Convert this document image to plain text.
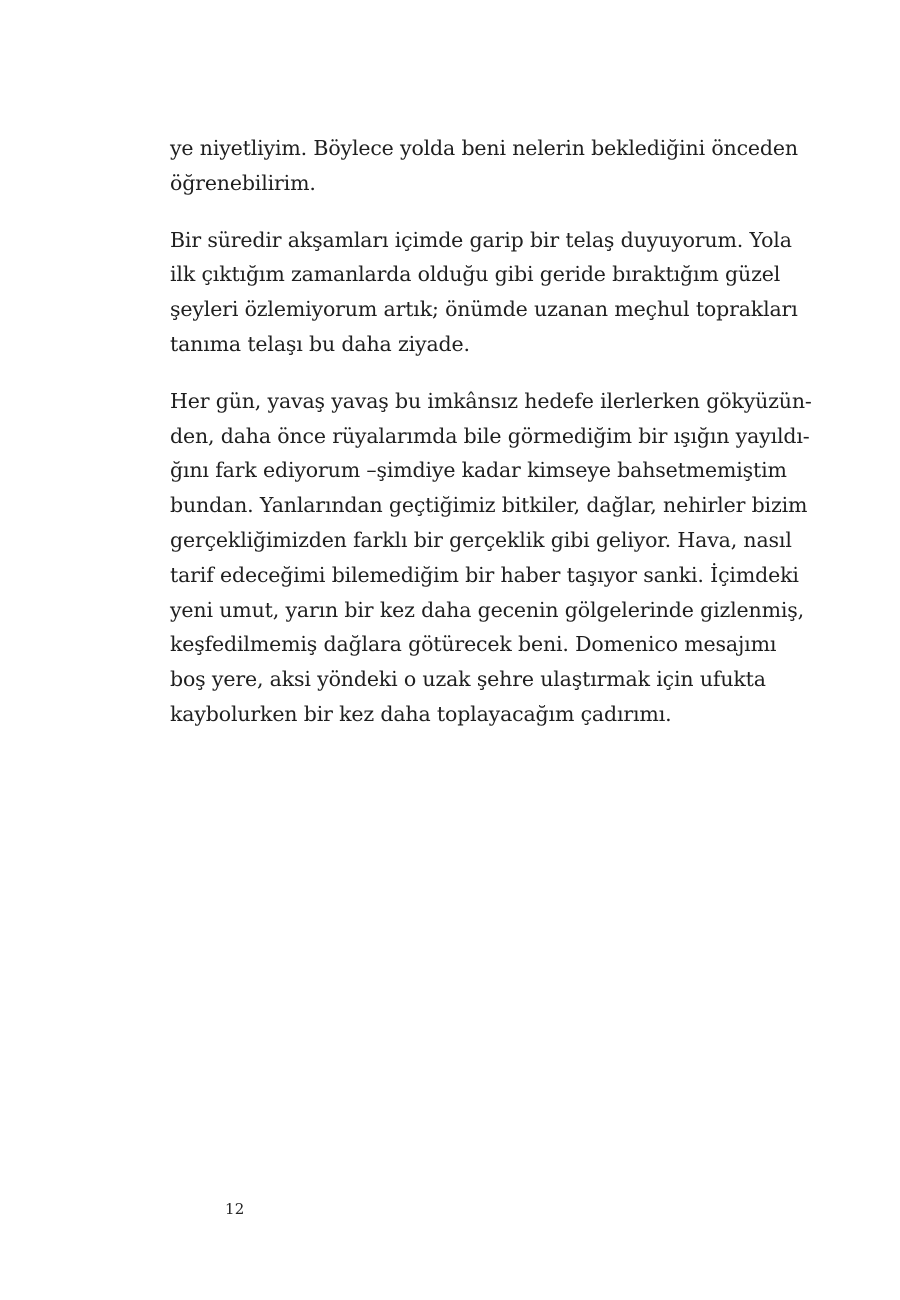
ye niyetliyim. Böylece yolda beni nelerin beklediğini önceden
öğrenebilirim.
Bir süredir akşamları içimde garip bir telaş duyuyorum. Yola
ilk çıktığım zamanlarda olduğu gibi geride bıraktığım güzel
şeyleri özlemiyorum artık; önümde uzanan meçhul toprakları
tanıma telaşı bu daha ziyade.
Her gün, yavaş yavaş bu imkânsız hedefe ilerlerken gökyüzün-
den, daha önce rüyalarımda bile görmediğim bir ışığın yayıldı-
ğını fark ediyorum –şimdiye kadar kimseye bahsetmemiştim
bundan. Yanlarından geçtiğimiz bitkiler, dağlar, nehirler bizim
gerçekliğimizden farklı bir gerçeklik gibi geliyor. Hava, nasıl
tarif edeceğimi bilemediğim bir haber taşıyor sanki. İçimdeki
yeni umut, yarın bir kez daha gecenin gölgelerinde gizlenmiş,
keşfedilmemiş dağlara götürecek beni. Domenico mesajımı
boş yere, aksi yöndeki o uzak şehre ulaştırmak için ufukta
kaybolurken bir kez daha toplayacağım çadırımı.
12
